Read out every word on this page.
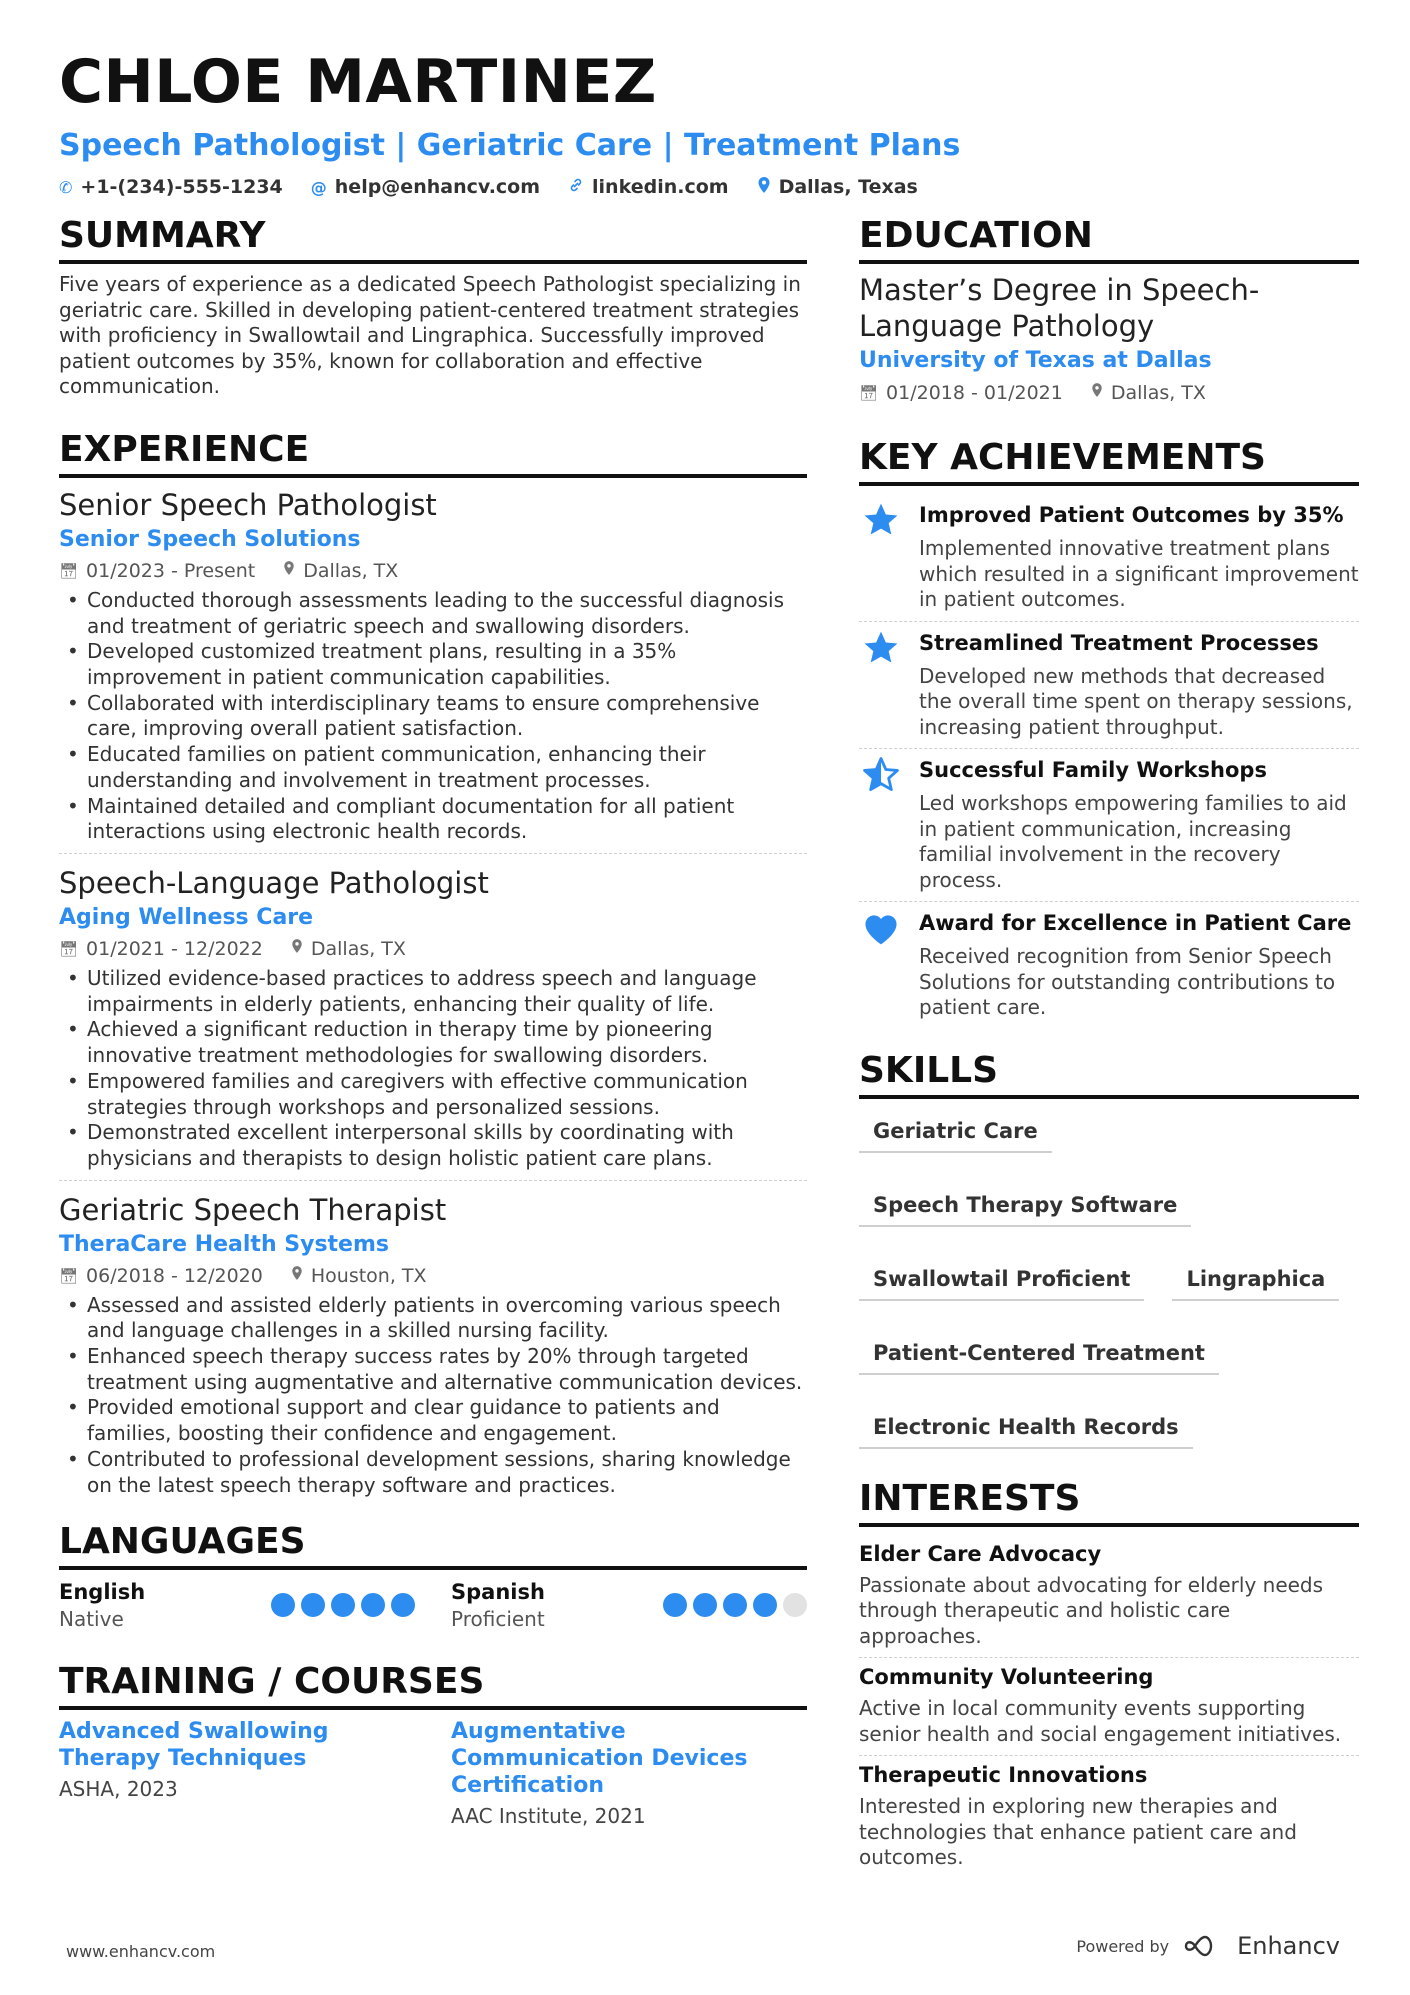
CHLOE MARTINEZ
Speech Pathologist | Geriatric Care | Treatment Plans
✆ +1-(234)-555-1234 @ help@enhancv.com	linkedin.com	Dallas, Texas
SUMMARY

Five years of experience as a dedicated Speech Pathologist specializing in geriatric care. Skilled in developing patient-centered treatment strategies with proficiency in Swallowtail and Lingraphica. Successfully improved patient outcomes by 35%, known for collaboration and effective communication.

EXPERIENCE
Senior Speech Pathologist
Senior Speech Solutions
📅︎ 01/2023 - Present	Dallas, TX
• Conducted thorough assessments leading to the successful diagnosis and treatment of geriatric speech and swallowing disorders.
• Developed customized treatment plans, resulting in a 35% improvement in patient communication capabilities.
• Collaborated with interdisciplinary teams to ensure comprehensive care, improving overall patient satisfaction.
• Educated families on patient communication, enhancing their understanding and involvement in treatment processes.
• Maintained detailed and compliant documentation for all patient interactions using electronic health records.
Speech-Language Pathologist
Aging Wellness Care
📅︎ 01/2021 - 12/2022	Dallas, TX
• Utilized evidence-based practices to address speech and language impairments in elderly patients, enhancing their quality of life.
• Achieved a significant reduction in therapy time by pioneering innovative treatment methodologies for swallowing disorders.
• Empowered families and caregivers with effective communication strategies through workshops and personalized sessions.
• Demonstrated excellent interpersonal skills by coordinating with physicians and therapists to design holistic patient care plans.
Geriatric Speech Therapist
TheraCare Health Systems
📅︎ 06/2018 - 12/2020	Houston, TX
• Assessed and assisted elderly patients in overcoming various speech and language challenges in a skilled nursing facility.
• Enhanced speech therapy success rates by 20% through targeted treatment using augmentative and alternative communication devices.
• Provided emotional support and clear guidance to patients and families, boosting their confidence and engagement.
• Contributed to professional development sessions, sharing knowledge on the latest speech therapy software and practices.
LANGUAGES
English
Native
Spanish
Proficient
TRAINING / COURSES
Advanced Swallowing Therapy Techniques
ASHA, 2023
Augmentative Communication Devices Certification
AAC Institute, 2021
EDUCATION
Master’s Degree in Speech-Language Pathology
University of Texas at Dallas
📅︎ 01/2018 - 01/2021	Dallas, TX
KEY ACHIEVEMENTS
Improved Patient Outcomes by 35%
Implemented innovative treatment plans which resulted in a significant improvement in patient outcomes.
Streamlined Treatment Processes
Developed new methods that decreased the overall time spent on therapy sessions, increasing patient throughput.
Successful Family Workshops
Led workshops empowering families to aid in patient communication, increasing familial involvement in the recovery process.
Award for Excellence in Patient Care
Received recognition from Senior Speech Solutions for outstanding contributions to patient care.
SKILLS
Geriatric Care
Speech Therapy Software
Swallowtail Proficient	Lingraphica
Patient-Centered Treatment
Electronic Health Records
INTERESTS
Elder Care Advocacy
Passionate about advocating for elderly needs through therapeutic and holistic care approaches.
Community Volunteering
Active in local community events supporting senior health and social engagement initiatives.
Therapeutic Innovations
Interested in exploring new therapies and technologies that enhance patient care and outcomes.
www.enhancv.com	Powered by	Enhancv
